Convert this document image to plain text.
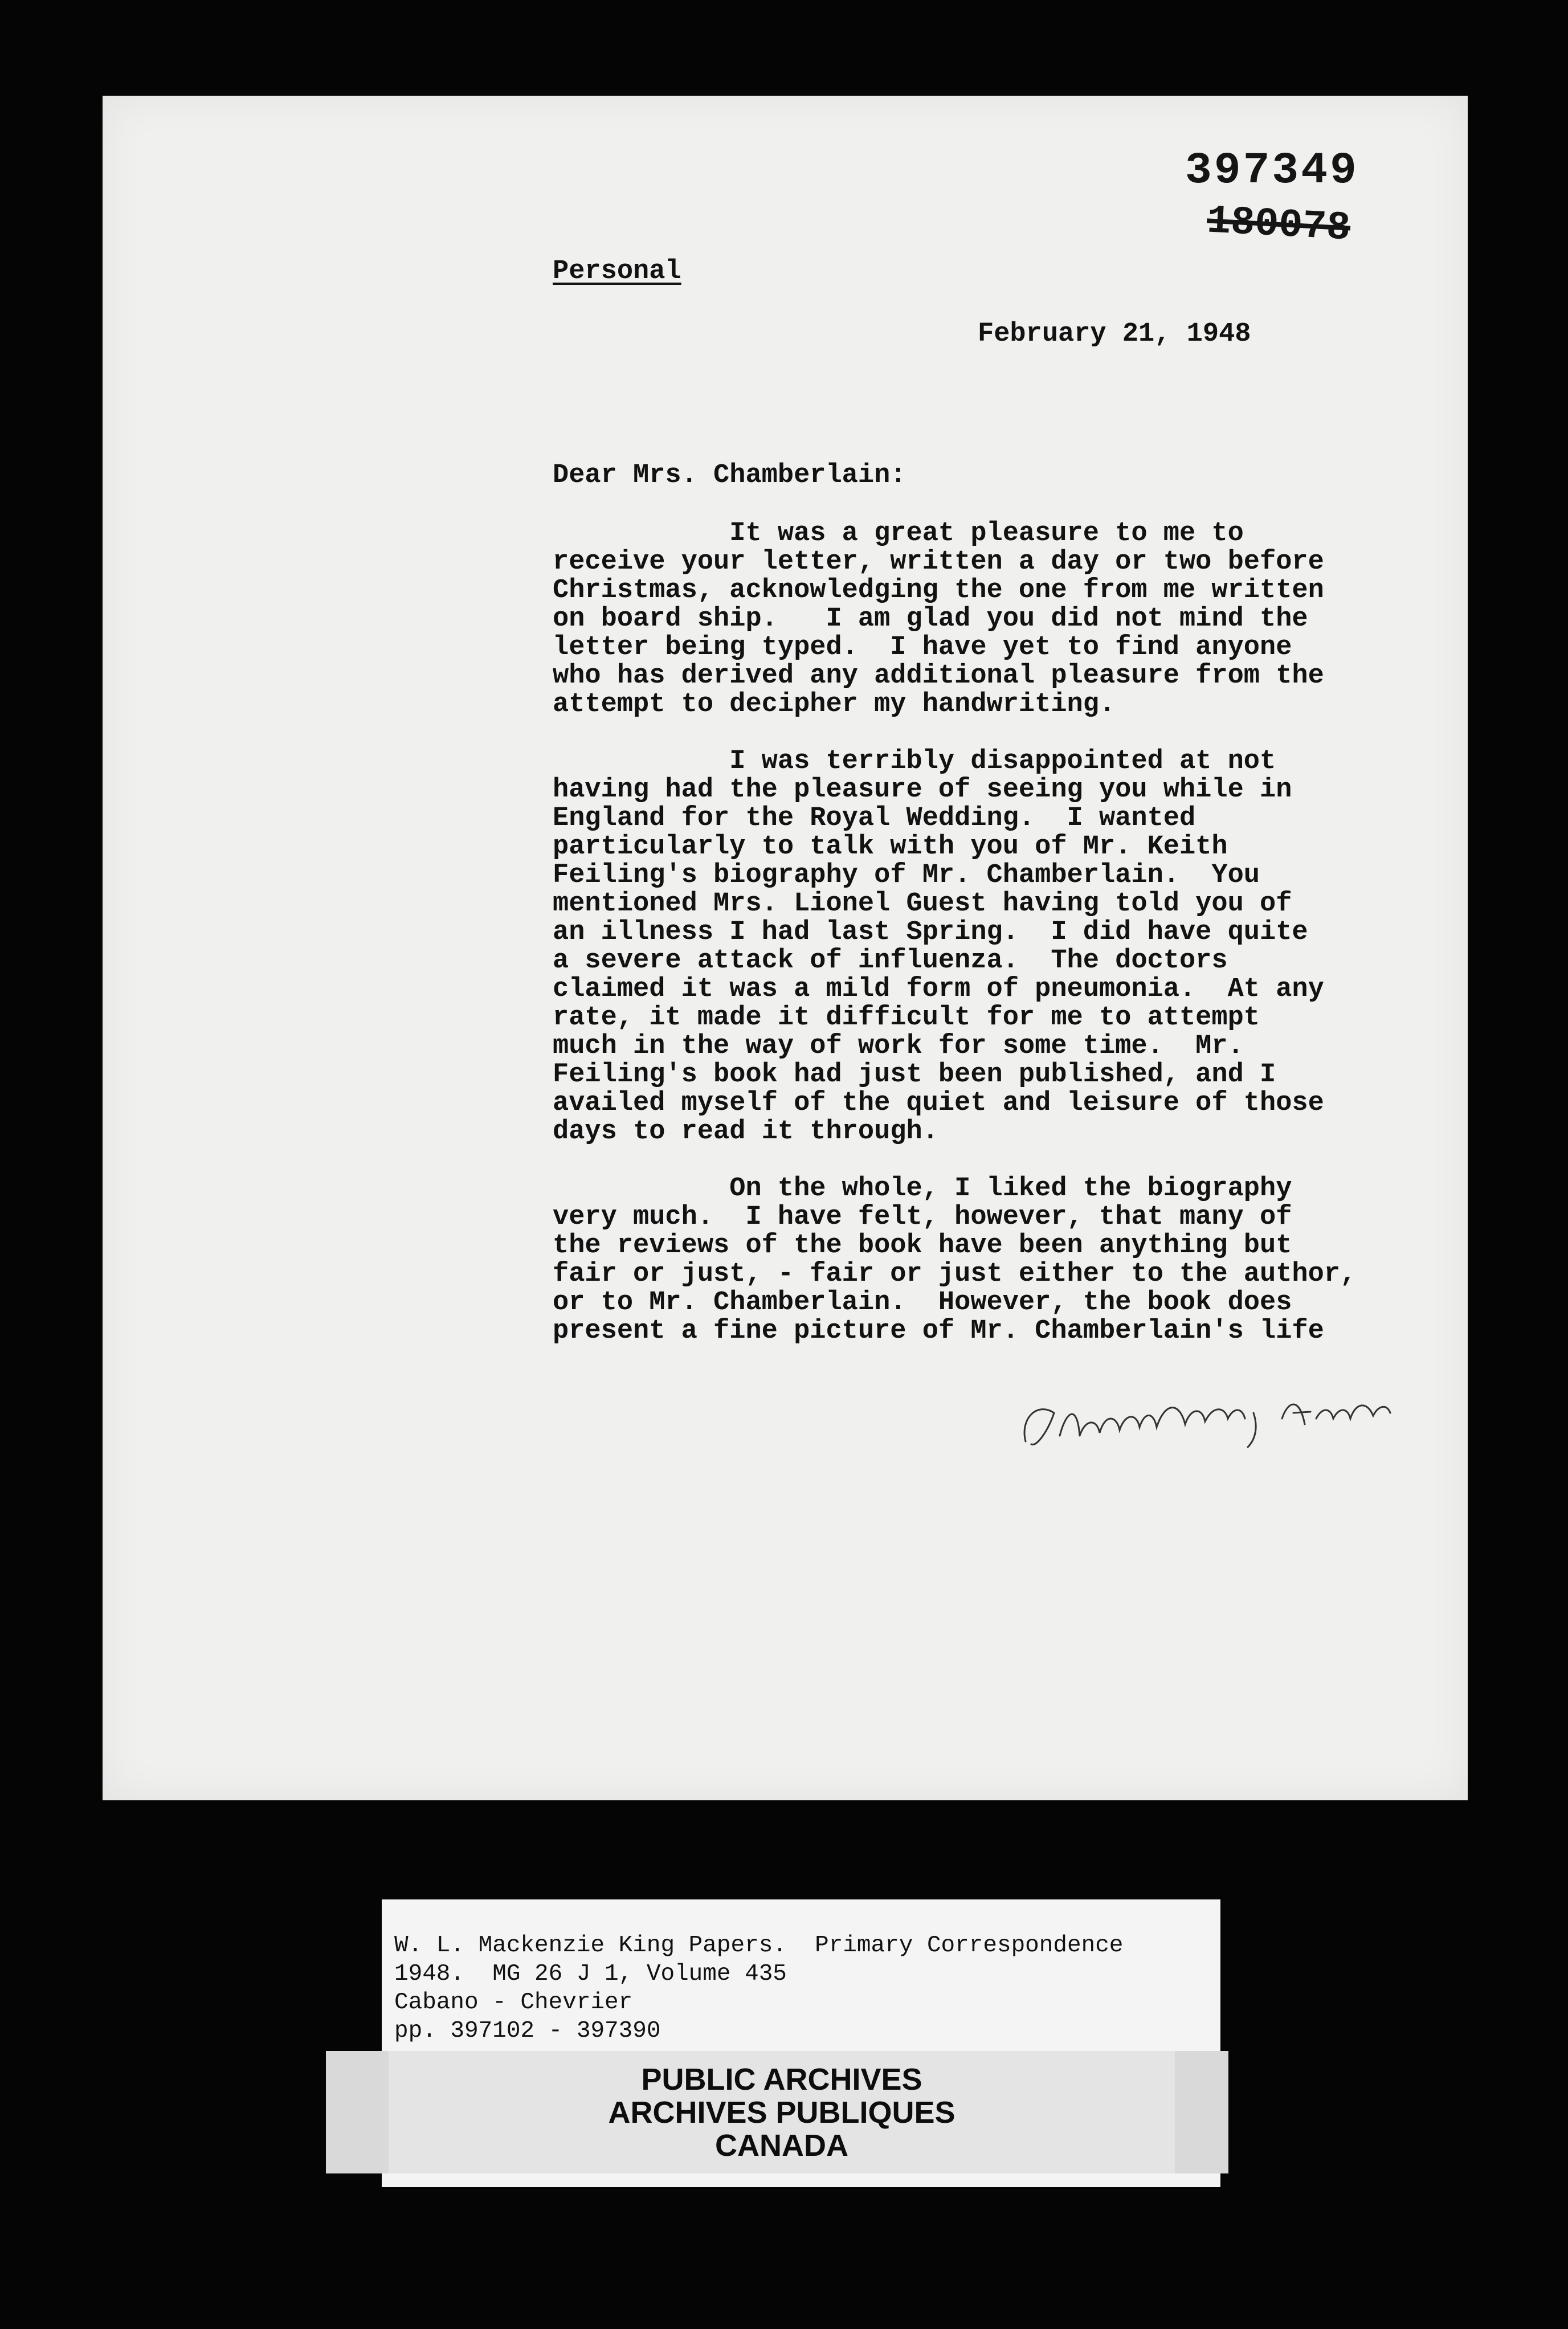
397349
180078
Personal
February 21, 1948
Dear Mrs. Chamberlain:
It was a great pleasure to me to
receive your letter, written a day or two before
Christmas, acknowledging the one from me written
on board ship.   I am glad you did not mind the
letter being typed.  I have yet to find anyone
who has derived any additional pleasure from the
attempt to decipher my handwriting.
I was terribly disappointed at not
having had the pleasure of seeing you while in
England for the Royal Wedding.  I wanted
particularly to talk with you of Mr. Keith
Feiling's biography of Mr. Chamberlain.  You
mentioned Mrs. Lionel Guest having told you of
an illness I had last Spring.  I did have quite
a severe attack of influenza.  The doctors
claimed it was a mild form of pneumonia.  At any
rate, it made it difficult for me to attempt
much in the way of work for some time.  Mr.
Feiling's book had just been published, and I
availed myself of the quiet and leisure of those
days to read it through.
On the whole, I liked the biography
very much.  I have felt, however, that many of
the reviews of the book have been anything but
fair or just, - fair or just either to the author,
or to Mr. Chamberlain.  However, the book does
present a fine picture of Mr. Chamberlain's life
W. L. Mackenzie King Papers.  Primary Correspondence
1948.  MG 26 J 1, Volume 435
Cabano - Chevrier
pp. 397102 - 397390
PUBLIC ARCHIVES
ARCHIVES PUBLIQUES
CANADA
